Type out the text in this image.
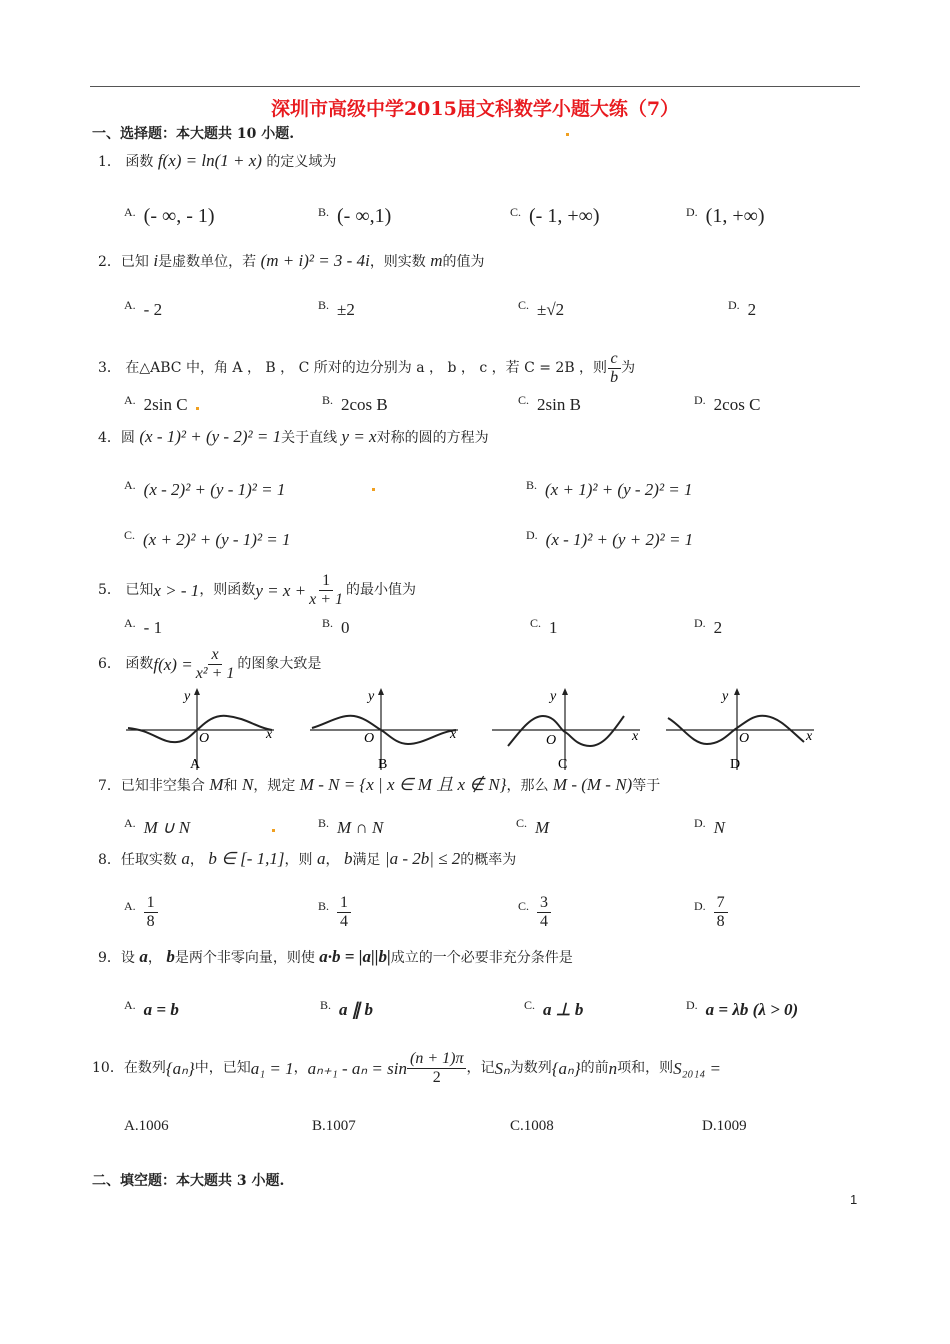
深圳市高级中学2015届文科数学小题大练（7）
一、选择题：本大题共 10 小题.
1． 函数 f(x) = ln(1 + x) 的定义域为
A. (- ∞, - 1)	B. (- ∞,1)	C. (- 1, +∞)	D. (1, +∞)
2．已知 i是虚数单位，若 (m + i)² = 3 - 4i，则实数 m的值为
A. - 2	B. ±2	C. ±√2	D. 2
3．
在△ABC 中，角 A ， B ， C 所对的边分别为 a ， b ， c ，若 C = 2B ，则 $\frac{c}{b}$ 为
A. 2sin C	B. 2cos B	C. 2sin B	D. 2cos C
4．圆 (x - 1)² + (y - 2)² = 1关于直线 y = x对称的圆的方程为
A. (x - 2)² + (y - 1)² = 1	B. (x + 1)² + (y - 2)² = 1
C. (x + 2)² + (y - 1)² = 1	D. (x - 1)² + (y + 2)² = 1
5．
已知 x > - 1 ，则函数 $y = x + \frac{1}{x + 1}$ 的最小值为
A. - 1	B. 0	C. 1	D. 2
6．
函数 $f(x) = \frac{x}{\text{x² + 1}}$ 的图象大致是
y
x
O
A
y
x
O
B
y
x
O
C
y
x
O
D
7．已知非空集合 M和 N，规定 M - N = {x | x ∈ M 且 x ∉ N}，那么 M - (M - N)等于
A. M ∪ N	B. M ∩ N	C. M	D. N
8．任取实数 a， b ∈ [- 1,1]，则 a， b满足 |a - 2b| ≤ 2的概率为
A. $\frac{1}{8}$	B. $\frac{1}{4}$	C. $\frac{3}{4}$	D. $\frac{7}{8}$
9．设 a， b是两个非零向量，则使 a·b = |a||b|成立的一个必要非充分条件是
A. a = b	B. a ∥ b	C. a ⊥ b	D. a = λb (λ > 0)
10． 在数列 {aₙ} 中，已知 a₁ = 1 ， $a_{n+1} - a_n = \sin \frac{(n + 1)\pi}{2}$ ，记 Sₙ 为数列 {aₙ} 的前 n 项和，则 S₂₀₁₄ =
A.1006	B.1007	C.1008	D.1009
二、填空题：本大题共 3 小题.
1
